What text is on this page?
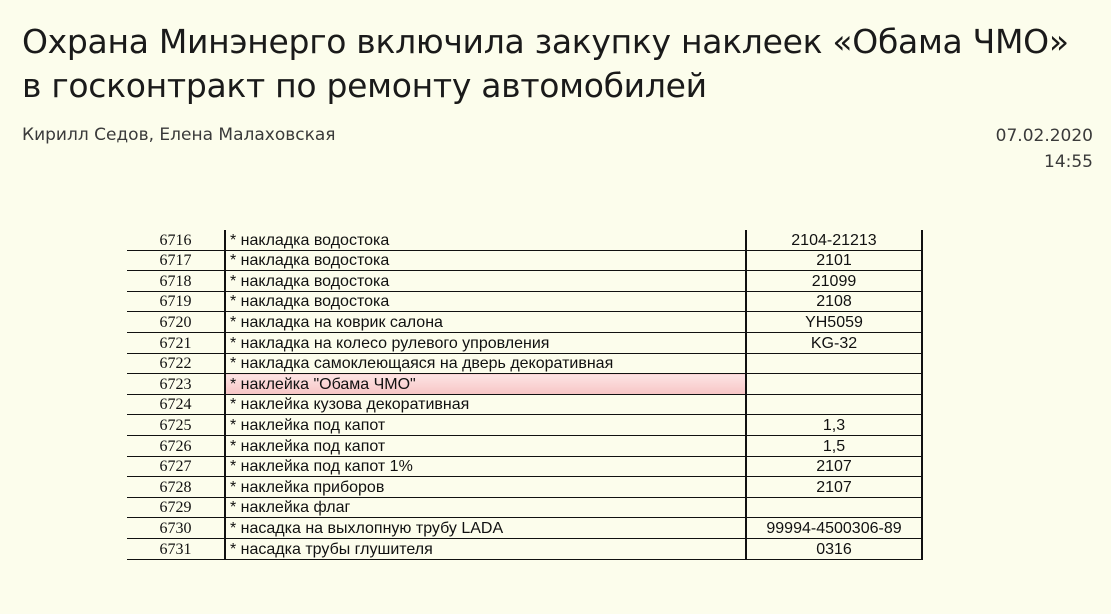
Охрана Минэнерго включила закупку наклеек «Обама ЧМО»
в госконтракт по ремонту автомобилей
Кирилл Седов, Елена Малаховская	07.02.2020
14:55
6716	* накладка водостока	2104-21213
6717	* накладка водостока	2101
6718	* накладка водостока	21099
6719	* накладка водостока	2108
6720	* накладка на коврик салона	YH5059
6721	* накладка на колесо рулевого упровления	KG-32
6722	* накладка самоклеющаяся на дверь декоративная	
6723	* наклейка "Обама ЧМО"	
6724	* наклейка кузова декоративная	
6725	* наклейка под капот	1,3
6726	* наклейка под капот	1,5
6727	* наклейка под капот 1%	2107
6728	* наклейка приборов	2107
6729	* наклейка флаг	
6730	* насадка на выхлопную трубу LADA	99994-4500306-89
6731	* насадка трубы глушителя	0316
